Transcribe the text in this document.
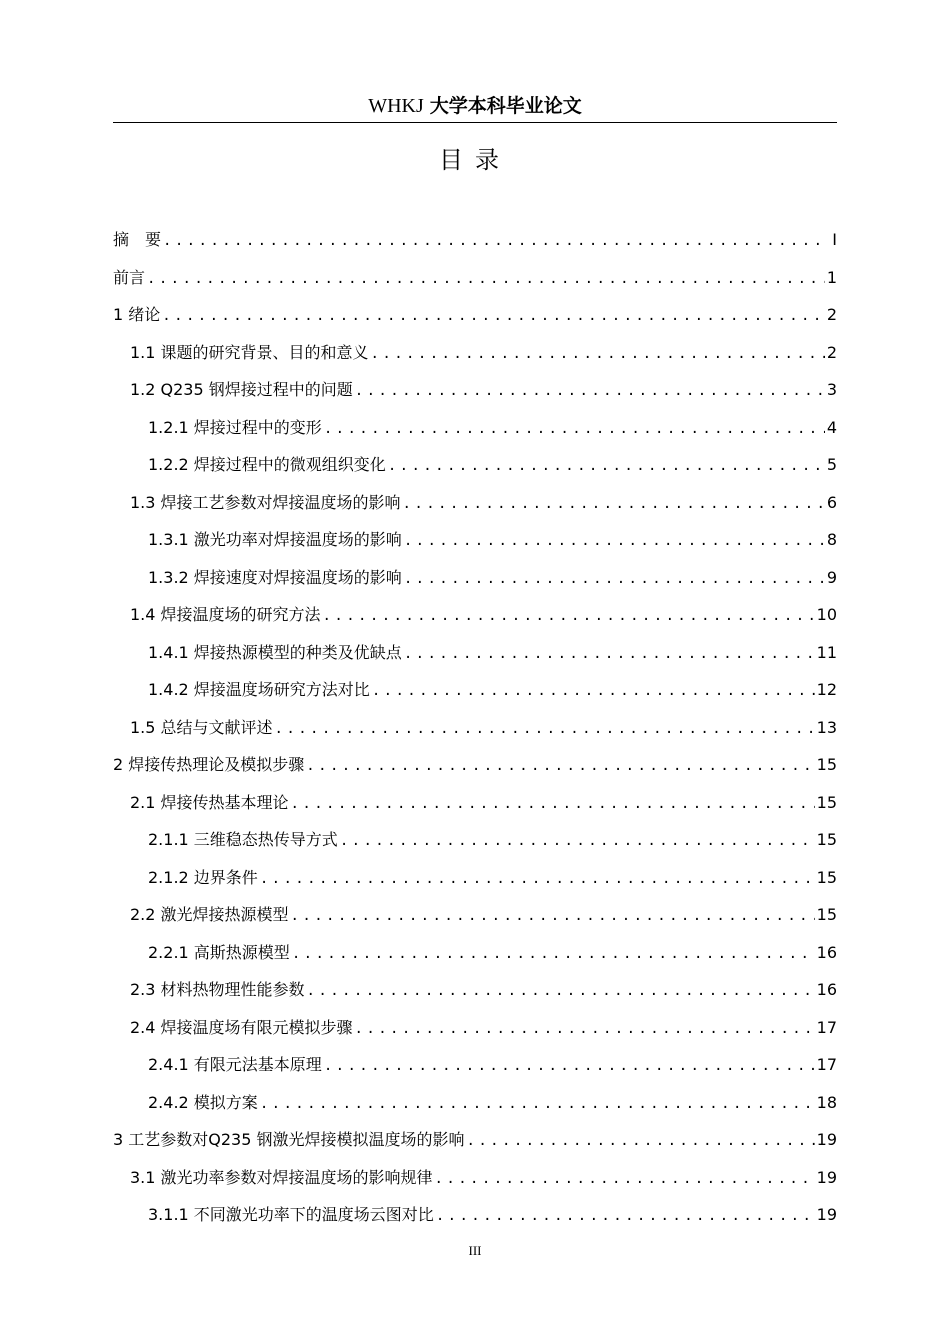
WHKJ 大学本科毕业论文
目录
摘　要 .....	I
前言 .....	1
1 绪论 .....	2
1.1 课题的研究背景、目的和意义 .....	2
1.2 Q235 钢焊接过程中的问题 .....	3
1.2.1 焊接过程中的变形 .....	4
1.2.2 焊接过程中的微观组织变化 .....	5
1.3 焊接工艺参数对焊接温度场的影响 .....	6
1.3.1 激光功率对焊接温度场的影响 .....	8
1.3.2 焊接速度对焊接温度场的影响 .....	9
1.4 焊接温度场的研究方法 .....	10
1.4.1 焊接热源模型的种类及优缺点 .....	11
1.4.2 焊接温度场研究方法对比 .....	12
1.5 总结与文献评述 .....	13
2 焊接传热理论及模拟步骤 .....	15
2.1 焊接传热基本理论 .....	15
2.1.1 三维稳态热传导方式 .....	15
2.1.2 边界条件 .....	15
2.2 激光焊接热源模型 .....	15
2.2.1 高斯热源模型 .....	16
2.3 材料热物理性能参数 .....	16
2.4 焊接温度场有限元模拟步骤 .....	17
2.4.1 有限元法基本原理 .....	17
2.4.2 模拟方案 .....	18
3 工艺参数对Q235 钢激光焊接模拟温度场的影响 .....	19
3.1 激光功率参数对焊接温度场的影响规律 .....	19
3.1.1 不同激光功率下的温度场云图对比 .....	19
III
